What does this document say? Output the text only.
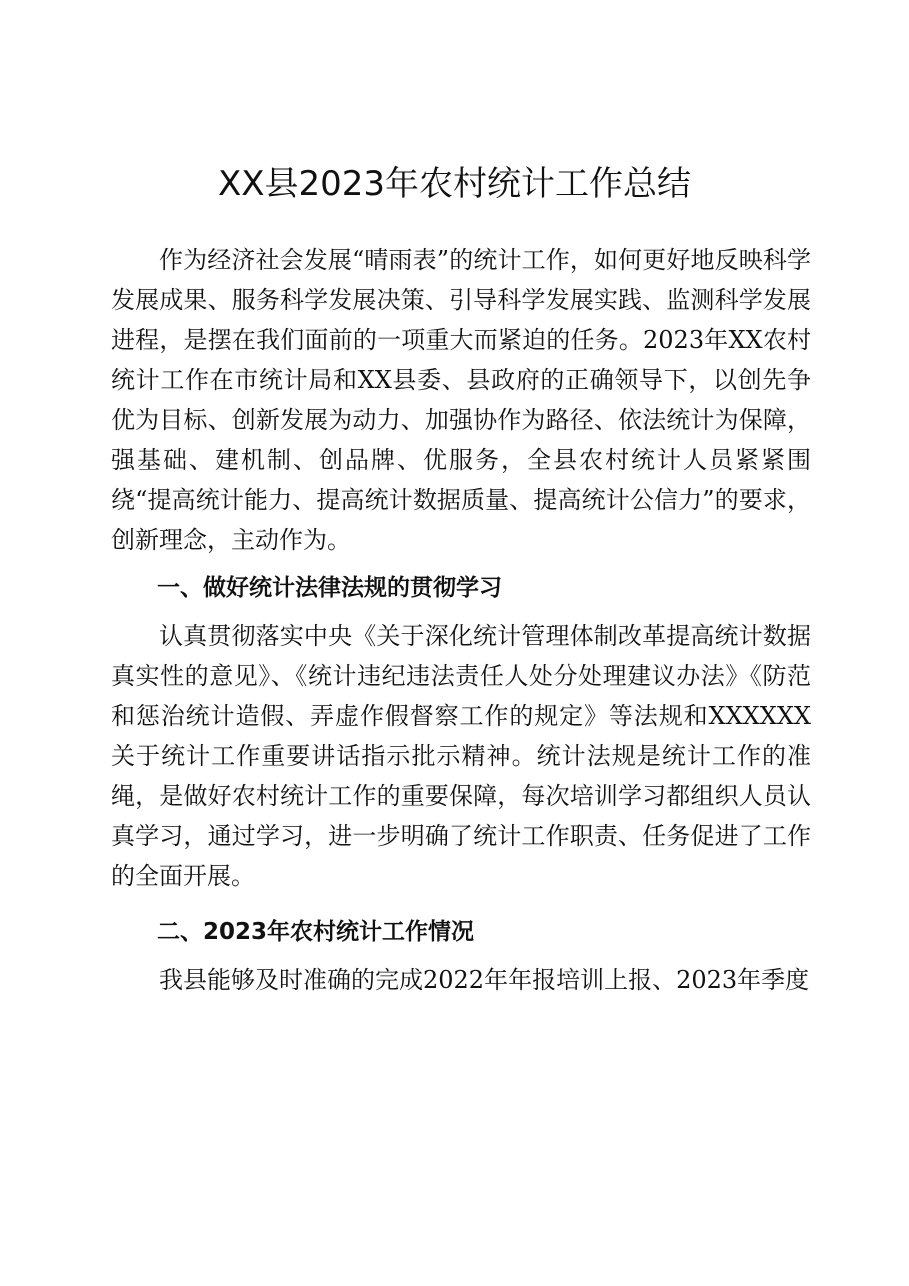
XX县2023年农村统计工作总结

作为经济社会发展“晴雨表”的统计工作，如何更好地反映科学发展成果、服务科学发展决策、引导科学发展实践、监测科学发展进程，是摆在我们面前的一项重大而紧迫的任务。2023年XX农村统计工作在市统计局和XX县委、县政府的正确领导下，以创先争优为目标、创新发展为动力、加强协作为路径、依法统计为保障，强基础、建机制、创品牌、优服务，全县农村统计人员紧紧围绕“提高统计能力、提高统计数据质量、提高统计公信力”的要求，创新理念，主动作为。

一、做好统计法律法规的贯彻学习

认真贯彻落实中央《关于深化统计管理体制改革提高统计数据真实性的意见》、《统计违纪违法责任人处分处理建议办法》《防范和惩治统计造假、弄虚作假督察工作的规定》等法规和XXXXXX关于统计工作重要讲话指示批示精神。统计法规是统计工作的准绳，是做好农村统计工作的重要保障，每次培训学习都组织人员认真学习，通过学习，进一步明确了统计工作职责、任务促进了工作的全面开展。

二、2023年农村统计工作情况

我县能够及时准确的完成2022年年报培训上报、2023年季度
